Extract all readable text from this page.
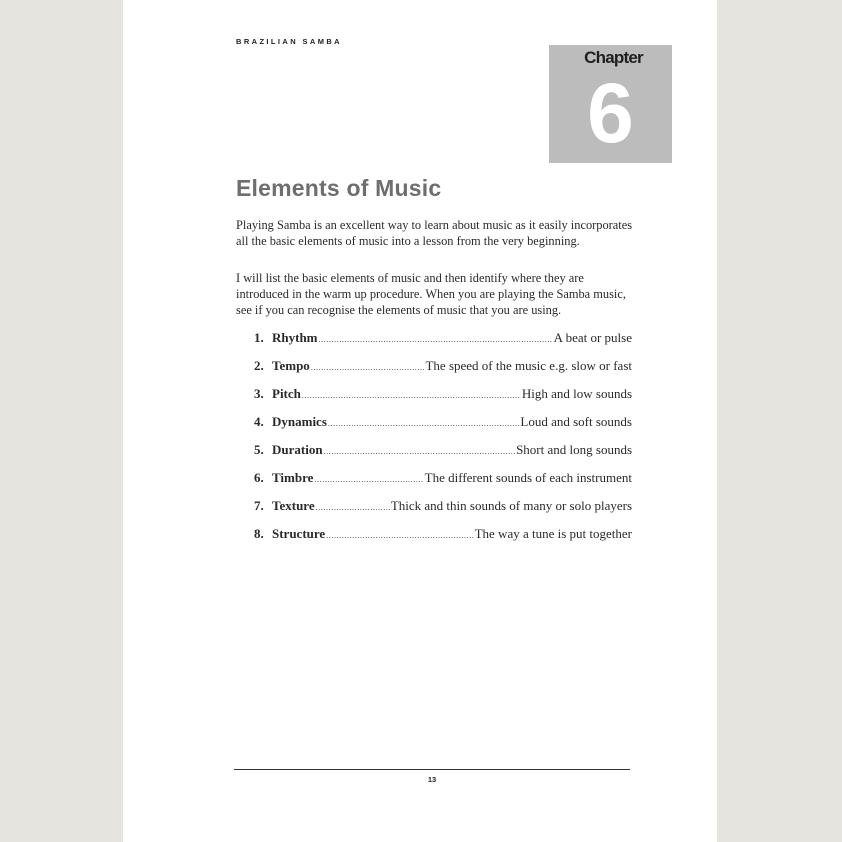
BRAZILIAN SAMBA
Chapter
6
Elements of Music

Playing Samba is an excellent way to learn about music as it easily incorporates all the basic elements of music into a lesson from the very beginning.

I will list the basic elements of music and then identify where they are introduced in the warm up procedure. When you are playing the Samba music, see if you can recognise the elements of music that you are using.

1. Rhythm .....	A beat or pulse
2. Tempo .....	The speed of the music e.g. slow or fast
3. Pitch .....	High and low sounds
4. Dynamics .....	Loud and soft sounds
5. Duration .....	Short and long sounds
6. Timbre .....	The different sounds of each instrument
7. Texture .....	Thick and thin sounds of many or solo players
8. Structure .....	The way a tune is put together
13
